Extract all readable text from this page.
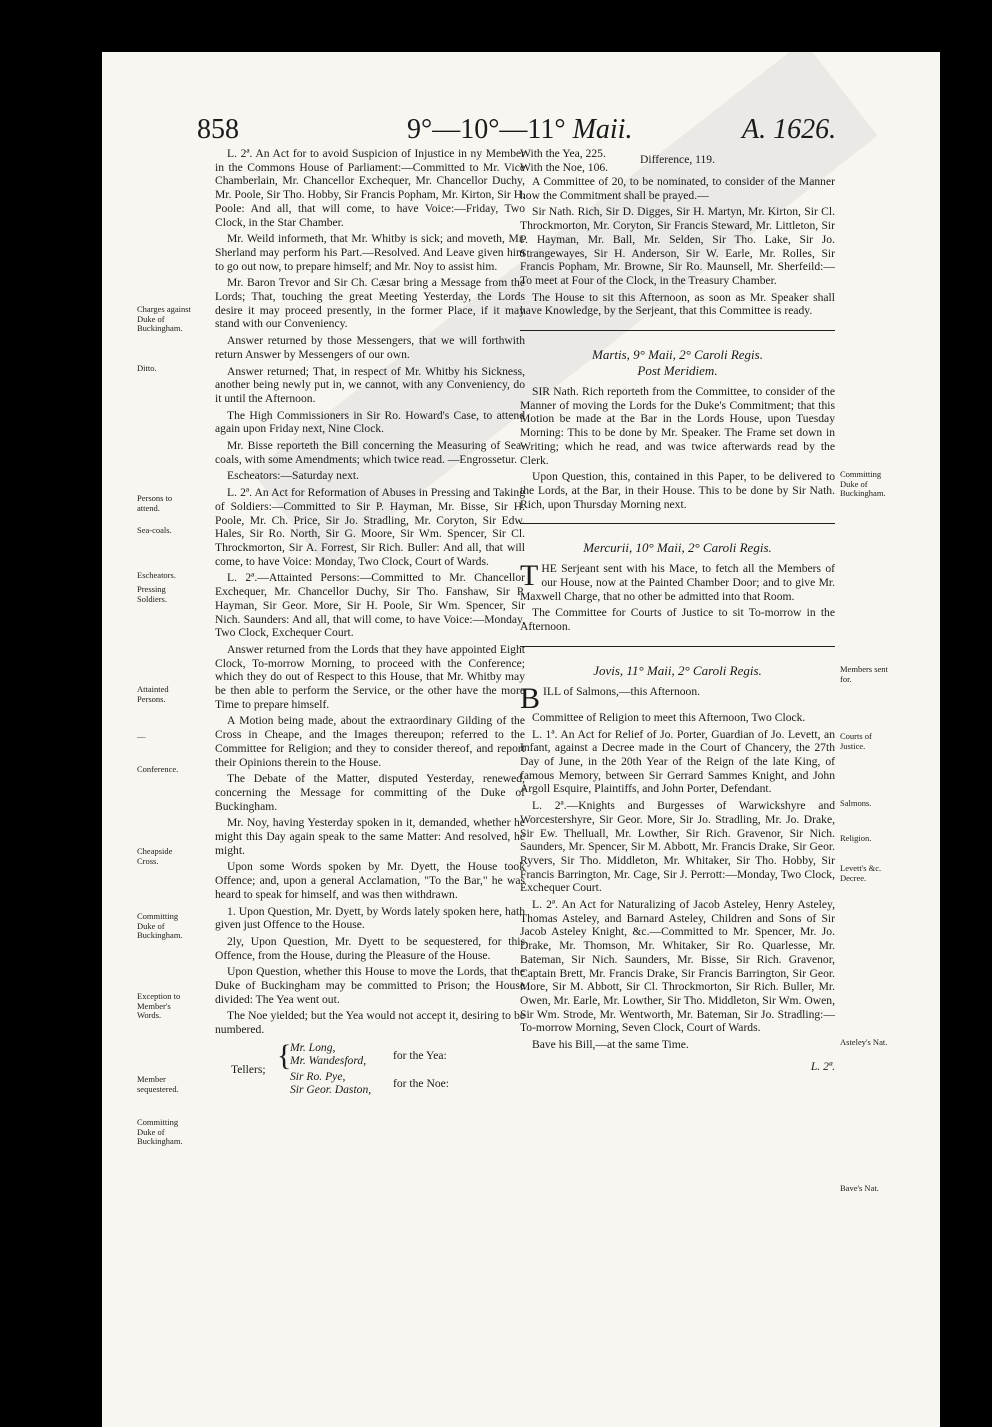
858	9°—10°—11° Maii.	A. 1626.
Charges against Duke of Buckingham.
Ditto.
Persons to attend.
Sea-coals.
Escheators.
Pressing Soldiers.
Attainted Persons.
—
Conference.
Cheapside Cross.
Committing Duke of Buckingham.
Exception to Member's Words.
Member sequestered.
Committing Duke of Buckingham.
Committing Duke of Buckingham.
Members sent for.
Courts of Justice.
Salmons.
Religion.
Levett's &c. Decree.
Asteley's Nat.
Bave's Nat.

L. 2ª. An Act for to avoid Suspicion of Injustice in ny Member in the Commons House of Parliament:—Committed to Mr. Vice Chamberlain, Mr. Chancellor Exchequer, Mr. Chancellor Duchy, Mr. Poole, Sir Tho. Hobby, Sir Francis Popham, Mr. Kirton, Sir H. Poole: And all, that will come, to have Voice:—Friday, Two Clock, in the Star Chamber.

Mr. Weild informeth, that Mr. Whitby is sick; and moveth, Mr. Sherland may perform his Part.—Resolved. And Leave given him to go out now, to prepare himself; and Mr. Noy to assist him.

Mr. Baron Trevor and Sir Ch. Cæsar bring a Message from the Lords; That, touching the great Meeting Yesterday, the Lords desire it may proceed presently, in the former Place, if it may stand with our Conveniency.

Answer returned by those Messengers, that we will forthwith return Answer by Messengers of our own.

Answer returned; That, in respect of Mr. Whitby his Sickness, another being newly put in, we cannot, with any Conveniency, do it until the Afternoon.

The High Commissioners in Sir Ro. Howard's Case, to attend again upon Friday next, Nine Clock.

Mr. Bisse reporteth the Bill concerning the Measuring of Sea-coals, with some Amendments; which twice read. —Engrossetur.

Escheators:—Saturday next.

L. 2ª. An Act for Reformation of Abuses in Pressing and Taking of Soldiers:—Committed to Sir P. Hayman, Mr. Bisse, Sir H. Poole, Mr. Ch. Price, Sir Jo. Stradling, Mr. Coryton, Sir Edw. Hales, Sir Ro. North, Sir G. Moore, Sir Wm. Spencer, Sir Cl. Throckmorton, Sir A. Forrest, Sir Rich. Buller: And all, that will come, to have Voice: Monday, Two Clock, Court of Wards.

L. 2ª.—Attainted Persons:—Committed to Mr. Chancellor Exchequer, Mr. Chancellor Duchy, Sir Tho. Fanshaw, Sir P. Hayman, Sir Geor. More, Sir H. Poole, Sir Wm. Spencer, Sir Nich. Saunders: And all, that will come, to have Voice:—Monday, Two Clock, Exchequer Court.

Answer returned from the Lords that they have appointed Eight Clock, To-morrow Morning, to proceed with the Conference; which they do out of Respect to this House, that Mr. Whitby may be then able to perform the Service, or the other have the more Time to prepare himself.

A Motion being made, about the extraordinary Gilding of the Cross in Cheape, and the Images thereupon; referred to the Committee for Religion; and they to consider thereof, and report their Opinions therein to the House.

The Debate of the Matter, disputed Yesterday, renewed, concerning the Message for committing of the Duke of Buckingham.

Mr. Noy, having Yesterday spoken in it, demanded, whether he might this Day again speak to the same Matter: And resolved, he might.

Upon some Words spoken by Mr. Dyett, the House took Offence; and, upon a general Acclamation, "To the Bar," he was heard to speak for himself, and was then withdrawn.

1. Upon Question, Mr. Dyett, by Words lately spoken here, hath given just Offence to the House.

2ly, Upon Question, Mr. Dyett to be sequestered, for this Offence, from the House, during the Pleasure of the House.

Upon Question, whether this House to move the Lords, that the Duke of Buckingham may be committed to Prison; the House divided: The Yea went out.

The Noe yielded; but the Yea would not accept it, desiring to be numbered.

Tellers; {
Mr. Long,
Mr. Wandesford,
Sir Ro. Pye,
Sir Geor. Daston,
for the Yea:
for the Noe:
With the Yea, 225.
With the Noe, 106.
Difference, 119.

A Committee of 20, to be nominated, to consider of the Manner how the Commitment shall be prayed.—

Sir Nath. Rich, Sir D. Digges, Sir H. Martyn, Mr. Kirton, Sir Cl. Throckmorton, Mr. Coryton, Sir Francis Steward, Mr. Littleton, Sir P. Hayman, Mr. Ball, Mr. Selden, Sir Tho. Lake, Sir Jo. Strangewayes, Sir H. Anderson, Sir W. Earle, Mr. Rolles, Sir Francis Popham, Mr. Browne, Sir Ro. Maunsell, Mr. Sherfeild:—To meet at Four of the Clock, in the Treasury Chamber.

The House to sit this Afternoon, as soon as Mr. Speaker shall have Knowledge, by the Serjeant, that this Committee is ready.

Martis, 9° Maii, 2° Caroli Regis.
Post Meridiem.

SIR Nath. Rich reporteth from the Committee, to consider of the Manner of moving the Lords for the Duke's Commitment; that this Motion be made at the Bar in the Lords House, upon Tuesday Morning: This to be done by Mr. Speaker. The Frame set down in Writing; which he read, and was twice afterwards read by the Clerk.

Upon Question, this, contained in this Paper, to be delivered to the Lords, at the Bar, in their House. This to be done by Sir Nath. Rich, upon Thursday Morning next.

Mercurii, 10° Maii, 2° Caroli Regis.

THE Serjeant sent with his Mace, to fetch all the Members of our House, now at the Painted Chamber Door; and to give Mr. Maxwell Charge, that no other be admitted into that Room.

The Committee for Courts of Justice to sit To-morrow in the Afternoon.

Jovis, 11° Maii, 2° Caroli Regis.

BILL of Salmons,—this Afternoon.

Committee of Religion to meet this Afternoon, Two Clock.

L. 1ª. An Act for Relief of Jo. Porter, Guardian of Jo. Levett, an Infant, against a Decree made in the Court of Chancery, the 27th Day of June, in the 20th Year of the Reign of the late King, of famous Memory, between Sir Gerrard Sammes Knight, and John Argoll Esquire, Plaintiffs, and John Porter, Defendant.

L. 2ª.—Knights and Burgesses of Warwickshyre and Worcestershyre, Sir Geor. More, Sir Jo. Stradling, Mr. Jo. Drake, Sir Ew. Thelluall, Mr. Lowther, Sir Rich. Gravenor, Sir Nich. Saunders, Mr. Spencer, Sir M. Abbott, Mr. Francis Drake, Sir Geor. Ryvers, Sir Tho. Middleton, Mr. Whitaker, Sir Tho. Hobby, Sir Francis Barrington, Mr. Cage, Sir J. Perrott:—Monday, Two Clock, Exchequer Court.

L. 2ª. An Act for Naturalizing of Jacob Asteley, Henry Asteley, Thomas Asteley, and Barnard Asteley, Children and Sons of Sir Jacob Asteley Knight, &c.—Committed to Mr. Spencer, Mr. Jo. Drake, Mr. Thomson, Mr. Whitaker, Sir Ro. Quarlesse, Mr. Bateman, Sir Nich. Saunders, Mr. Bisse, Sir Rich. Gravenor, Captain Brett, Mr. Francis Drake, Sir Francis Barrington, Sir Geor. More, Sir M. Abbott, Sir Cl. Throckmorton, Sir Rich. Buller, Mr. Owen, Mr. Earle, Mr. Lowther, Sir Tho. Middleton, Sir Wm. Owen, Sir Wm. Strode, Mr. Wentworth, Mr. Bateman, Sir Jo. Stradling:—To-morrow Morning, Seven Clock, Court of Wards.

Bave his Bill,—at the same Time.

L. 2ª.
